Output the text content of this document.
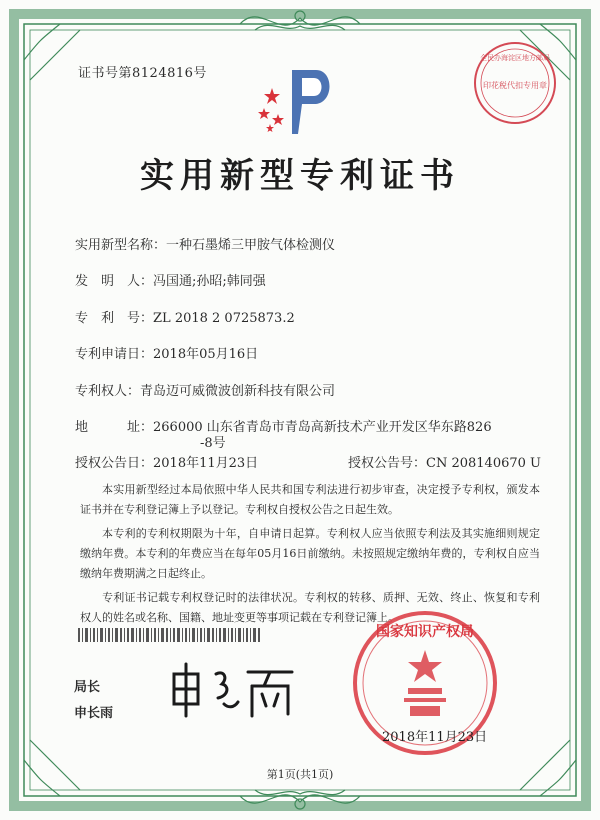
证书号第8124816号
全民办海淀区地方邮局
印花税代扣专用章
实用新型专利证书
实用新型名称：一种石墨烯三甲胺气体检测仪
发　明　人：冯国通;孙昭;韩同强
专　利　号：ZL 2018 2 0725873.2
专利申请日：2018年05月16日
专利权人：青岛迈可威微波创新科技有限公司
地　　　址：266000 山东省青岛市青岛高新技术产业开发区华东路826
-8号
授权公告日：2018年11月23日	授权公告号：CN 208140670 U

本实用新型经过本局依照中华人民共和国专利法进行初步审查，决定授予专利权，颁发本证书并在专利登记簿上予以登记。专利权自授权公告之日起生效。

本专利的专利权期限为十年，自申请日起算。专利权人应当依照专利法及其实施细则规定缴纳年费。本专利的年费应当在每年05月16日前缴纳。未按照规定缴纳年费的，专利权自应当缴纳年费期满之日起终止。

专利证书记载专利权登记时的法律状况。专利权的转移、质押、无效、终止、恢复和专利权人的姓名或名称、国籍、地址变更等事项记载在专利登记簿上。

局长
申长雨
国家知识产权局
2018年11月23日
第1页(共1页)
